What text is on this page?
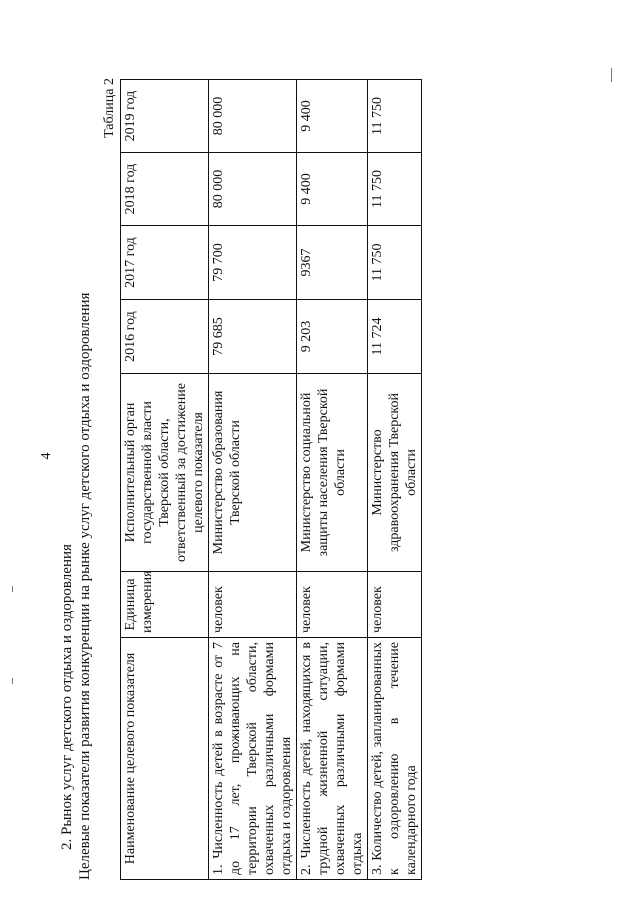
4
2. Рынок услуг детского отдыха и оздоровления Целевые показатели развития конкуренции на рынке услуг детского отдыха и оздоровления
Таблица 2
Наименование целевого показателя	Единица измерения	Исполнительный орган государственной власти Тверской области, ответственный за достижение целевого показателя	2016 год	2017 год	2018 год	2019 год
1. Численность детей в возрасте от 7 до 17 лет, проживающих на территории Тверской области, охваченных различными формами отдыха и оздоровления	человек	Министерство образования Тверской области	79 685	79 700	80 000	80 000
2. Численность детей, находящихся в трудной жизненной ситуации, охваченных различными формами отдыха	человек	Министерство социальной защиты населения Тверской области	9 203	9367	9 400	9 400
3. Количество детей, запланированных к оздоровлению в течение календарного года	человек	Министерство здравоохранения Тверской области	11 724	11 750	11 750	11 750
